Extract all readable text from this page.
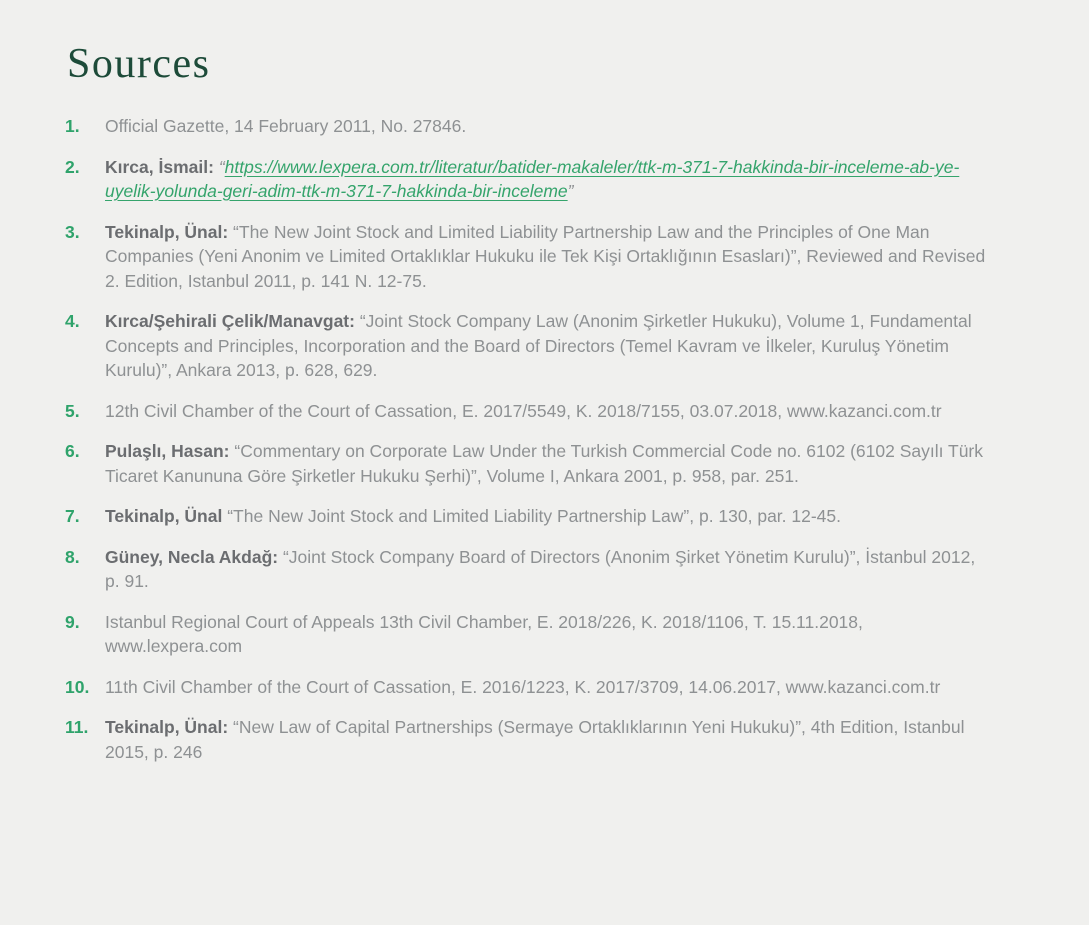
Sources
1.	Official Gazette, 14 February 2011, No. 27846.

2.	Kırca, İsmail: “https://www.lexpera.com.tr/literatur/batider-makaleler/ttk-m-371-7-hakkinda-bir-inceleme-ab-ye-uyelik-yolunda-geri-adim-ttk-m-371-7-hakkinda-bir-inceleme”

3.	Tekinalp, Ünal: “The New Joint Stock and Limited Liability Partnership Law and the Principles of One Man Companies (Yeni Anonim ve Limited Ortaklıklar Hukuku ile Tek Kişi Ortaklığının Esasları)”, Reviewed and Revised 2. Edition, Istanbul 2011, p. 141 N. 12-75.

4.	Kırca/Şehirali Çelik/Manavgat: “Joint Stock Company Law (Anonim Şirketler Hukuku), Volume 1, Fundamental Concepts and Principles, Incorporation and the Board of Directors (Temel Kavram ve İlkeler, Kuruluş Yönetim Kurulu)”, Ankara 2013, p. 628, 629.

5.	12th Civil Chamber of the Court of Cassation, E. 2017/5549, K. 2018/7155, 03.07.2018, www.kazanci.com.tr

6.	Pulaşlı, Hasan: “Commentary on Corporate Law Under the Turkish Commercial Code no. 6102 (6102 Sayılı Türk Ticaret Kanununa Göre Şirketler Hukuku Şerhi)”, Volume I, Ankara 2001, p. 958, par. 251.

7.	Tekinalp, Ünal “The New Joint Stock and Limited Liability Partnership Law”, p. 130, par. 12-45.

8.	Güney, Necla Akdağ: “Joint Stock Company Board of Directors (Anonim Şirket Yönetim Kurulu)”, İstanbul 2012, p. 91.

9.	Istanbul Regional Court of Appeals 13th Civil Chamber, E. 2018/226, K. 2018/1106, T. 15.11.2018, www.lexpera.com

10. 11th Civil Chamber of the Court of Cassation, E. 2016/1223, K. 2017/3709, 14.06.2017, www.kazanci.com.tr

11. Tekinalp, Ünal: “New Law of Capital Partnerships (Sermaye Ortaklıklarının Yeni Hukuku)”, 4th Edition, Istanbul 2015, p. 246
